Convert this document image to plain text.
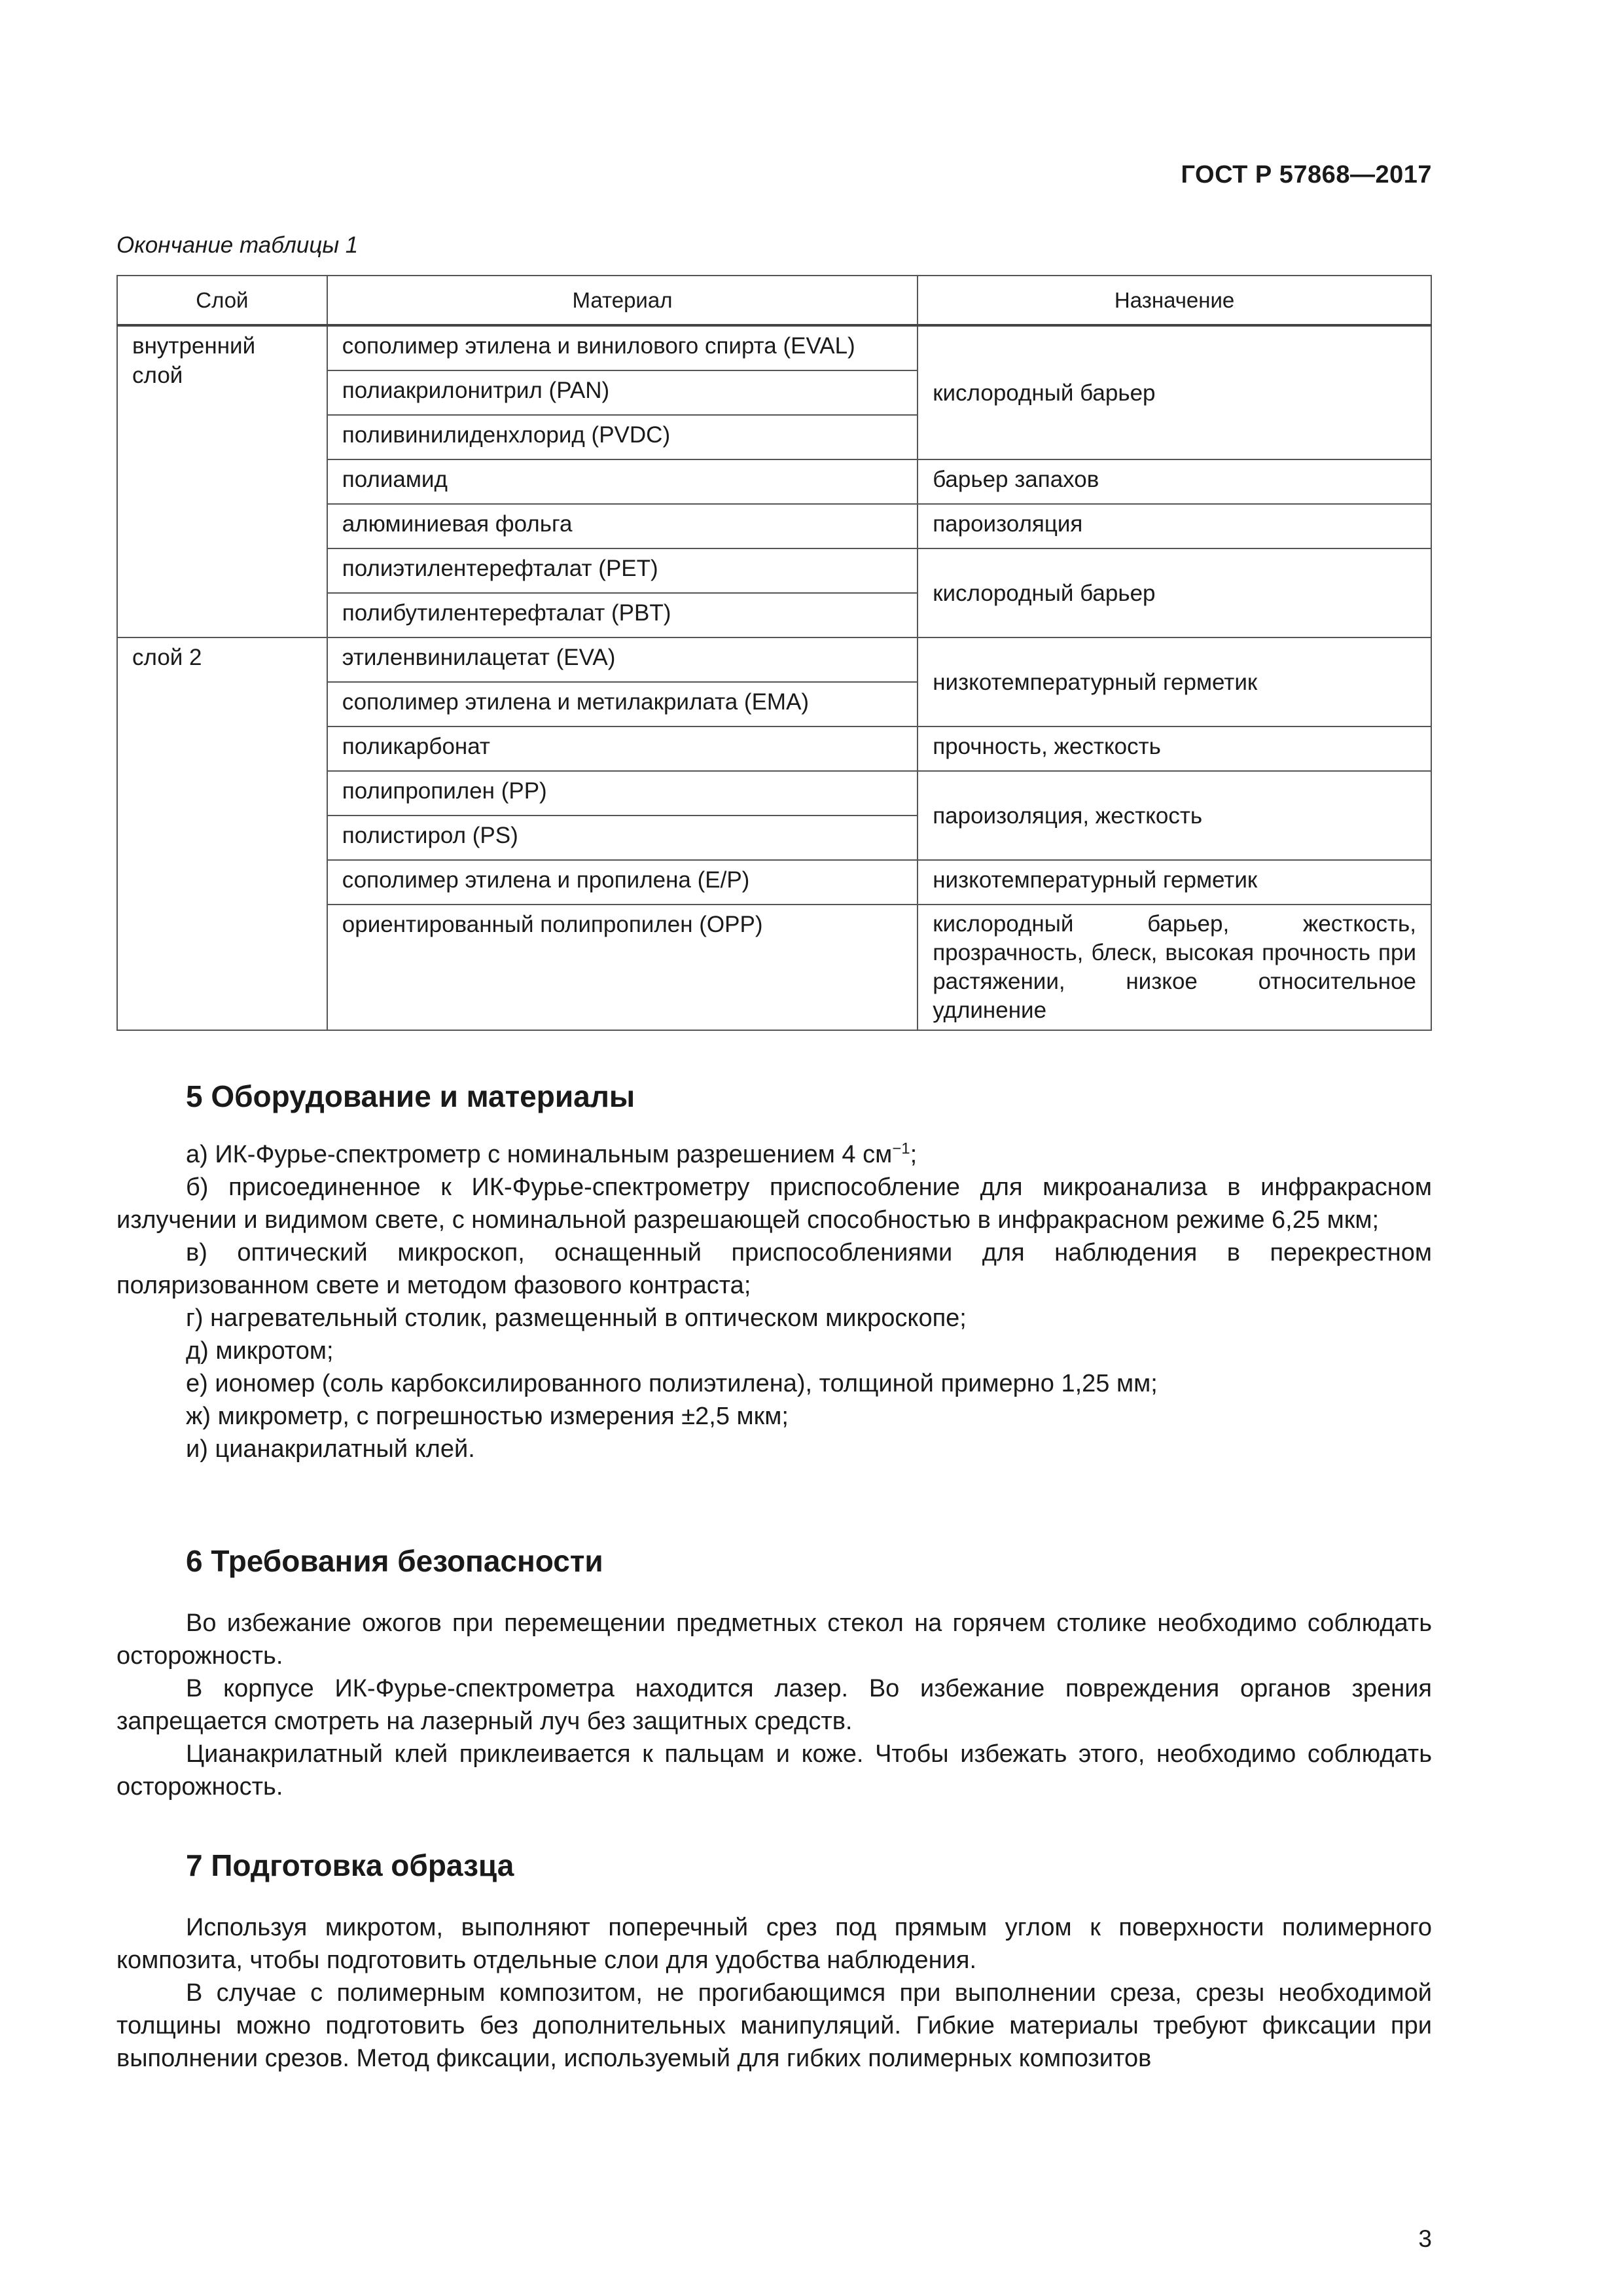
ГОСТ Р 57868—2017
Окончание таблицы 1
Слой	Материал	Назначение
внутренний слой	сополимер этилена и винилового спирта (EVAL)	кислородный барьер
	полиакрилонитрил (PAN)	
	поливинилиденхлорид (PVDC)	
	полиамид	барьер запахов
	алюминиевая фольга	пароизоляция
	полиэтилентерефталат (PET)	кислородный барьер
	полибутилентерефталат (PBT)	
слой 2	этиленвинилацетат (EVA)	низкотемпературный герметик
	сополимер этилена и метилакрилата (EMA)	
	поликарбонат	прочность, жесткость
	полипропилен (PP)	пароизоляция, жесткость
	полистирол (PS)	
	сополимер этилена и пропилена (E/P)	низкотемпературный герметик
	ориентированный полипропилен (OPP)	кислородный барьер, жесткость, прозрачность, блеск, высокая прочность при растяжении, низкое относительное удлинение
5 Оборудование и материалы
а) ИК-Фурье-спектрометр с номинальным разрешением 4 $см^{-1}$;
б) присоединенное к ИК-Фурье-спектрометру приспособление для микроанализа в инфракрасном излучении и видимом свете, с номинальной разрешающей способностью в инфракрасном режиме 6,25 мкм;
в) оптический микроскоп, оснащенный приспособлениями для наблюдения в перекрестном поляризованном свете и методом фазового контраста;
г) нагревательный столик, размещенный в оптическом микроскопе;
д) микротом;
е) иономер (соль карбоксилированного полиэтилена), толщиной примерно 1,25 мм;
ж) микрометр, с погрешностью измерения ±2,5 мкм;
и) цианакрилатный клей.
6 Требования безопасности

Во избежание ожогов при перемещении предметных стекол на горячем столике необходимо соблюдать осторожность.

В корпусе ИК-Фурье-спектрометра находится лазер. Во избежание повреждения органов зрения запрещается смотреть на лазерный луч без защитных средств.

Цианакрилатный клей приклеивается к пальцам и коже. Чтобы избежать этого, необходимо соблюдать осторожность.

7 Подготовка образца

Используя микротом, выполняют поперечный срез под прямым углом к поверхности полимерного композита, чтобы подготовить отдельные слои для удобства наблюдения.

В случае с полимерным композитом, не прогибающимся при выполнении среза, срезы необходимой толщины можно подготовить без дополнительных манипуляций. Гибкие материалы требуют фиксации при выполнении срезов. Метод фиксации, используемый для гибких полимерных композитов

3
